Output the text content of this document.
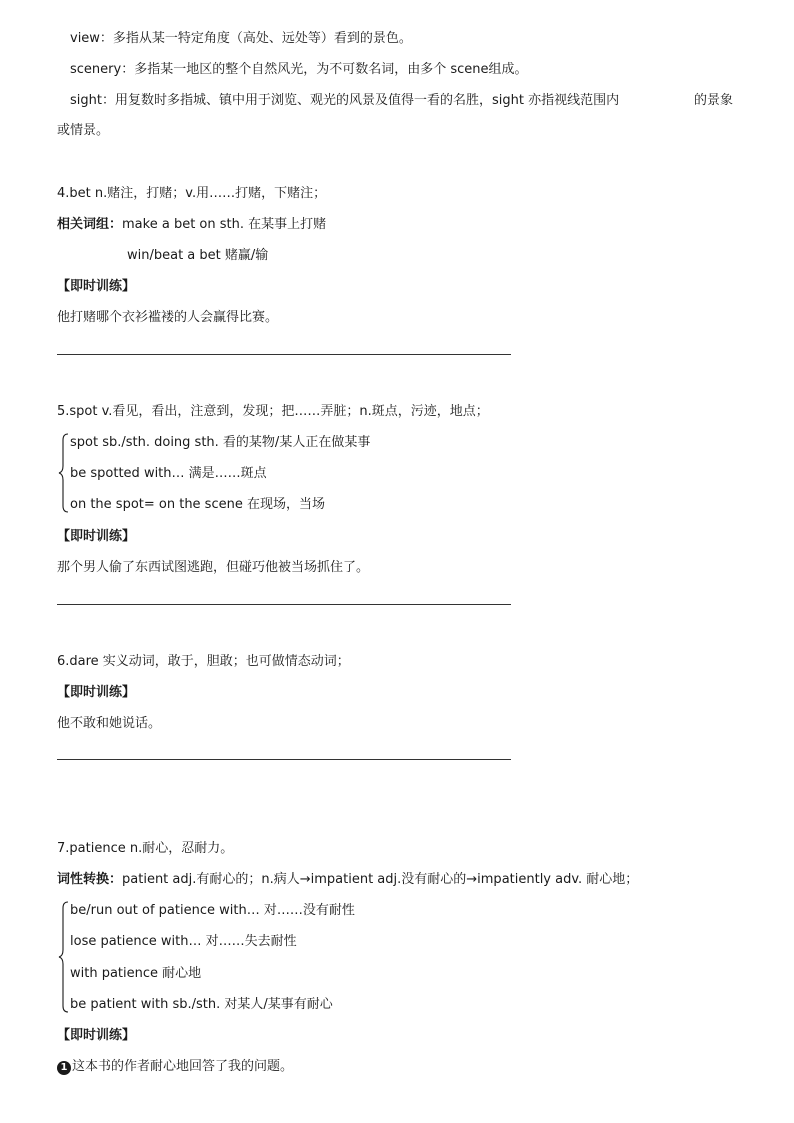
view：多指从某一特定角度（高处、远处等）看到的景色。
scenery：多指某一地区的整个自然风光，为不可数名词，由多个 scene组成。
sight：用复数时多指城、镇中用于浏览、观光的风景及值得一看的名胜，sight 亦指视线范围内	的景象
或情景。
4.bet n.赌注，打赌；v.用……打赌，下赌注；
相关词组：make a bet on sth. 在某事上打赌
win/beat a bet 赌赢/输
【即时训练】
他打赌哪个衣衫褴褛的人会赢得比赛。
5.spot v.看见，看出，注意到，发现；把……弄脏；n.斑点，污迹，地点；
spot sb./sth. doing sth. 看的某物/某人正在做某事
be spotted with… 满是……斑点
on the spot= on the scene 在现场，当场
【即时训练】
那个男人偷了东西试图逃跑，但碰巧他被当场抓住了。
6.dare 实义动词，敢于，胆敢；也可做情态动词；
【即时训练】
他不敢和她说话。
7.patience n.耐心，忍耐力。
词性转换：patient adj.有耐心的；n.病人→impatient adj.没有耐心的→impatiently adv. 耐心地；
be/run out of patience with… 对……没有耐性
lose patience with… 对……失去耐性
with patience 耐心地
be patient with sb./sth. 对某人/某事有耐心
【即时训练】
1 这本书的作者耐心地回答了我的问题。
